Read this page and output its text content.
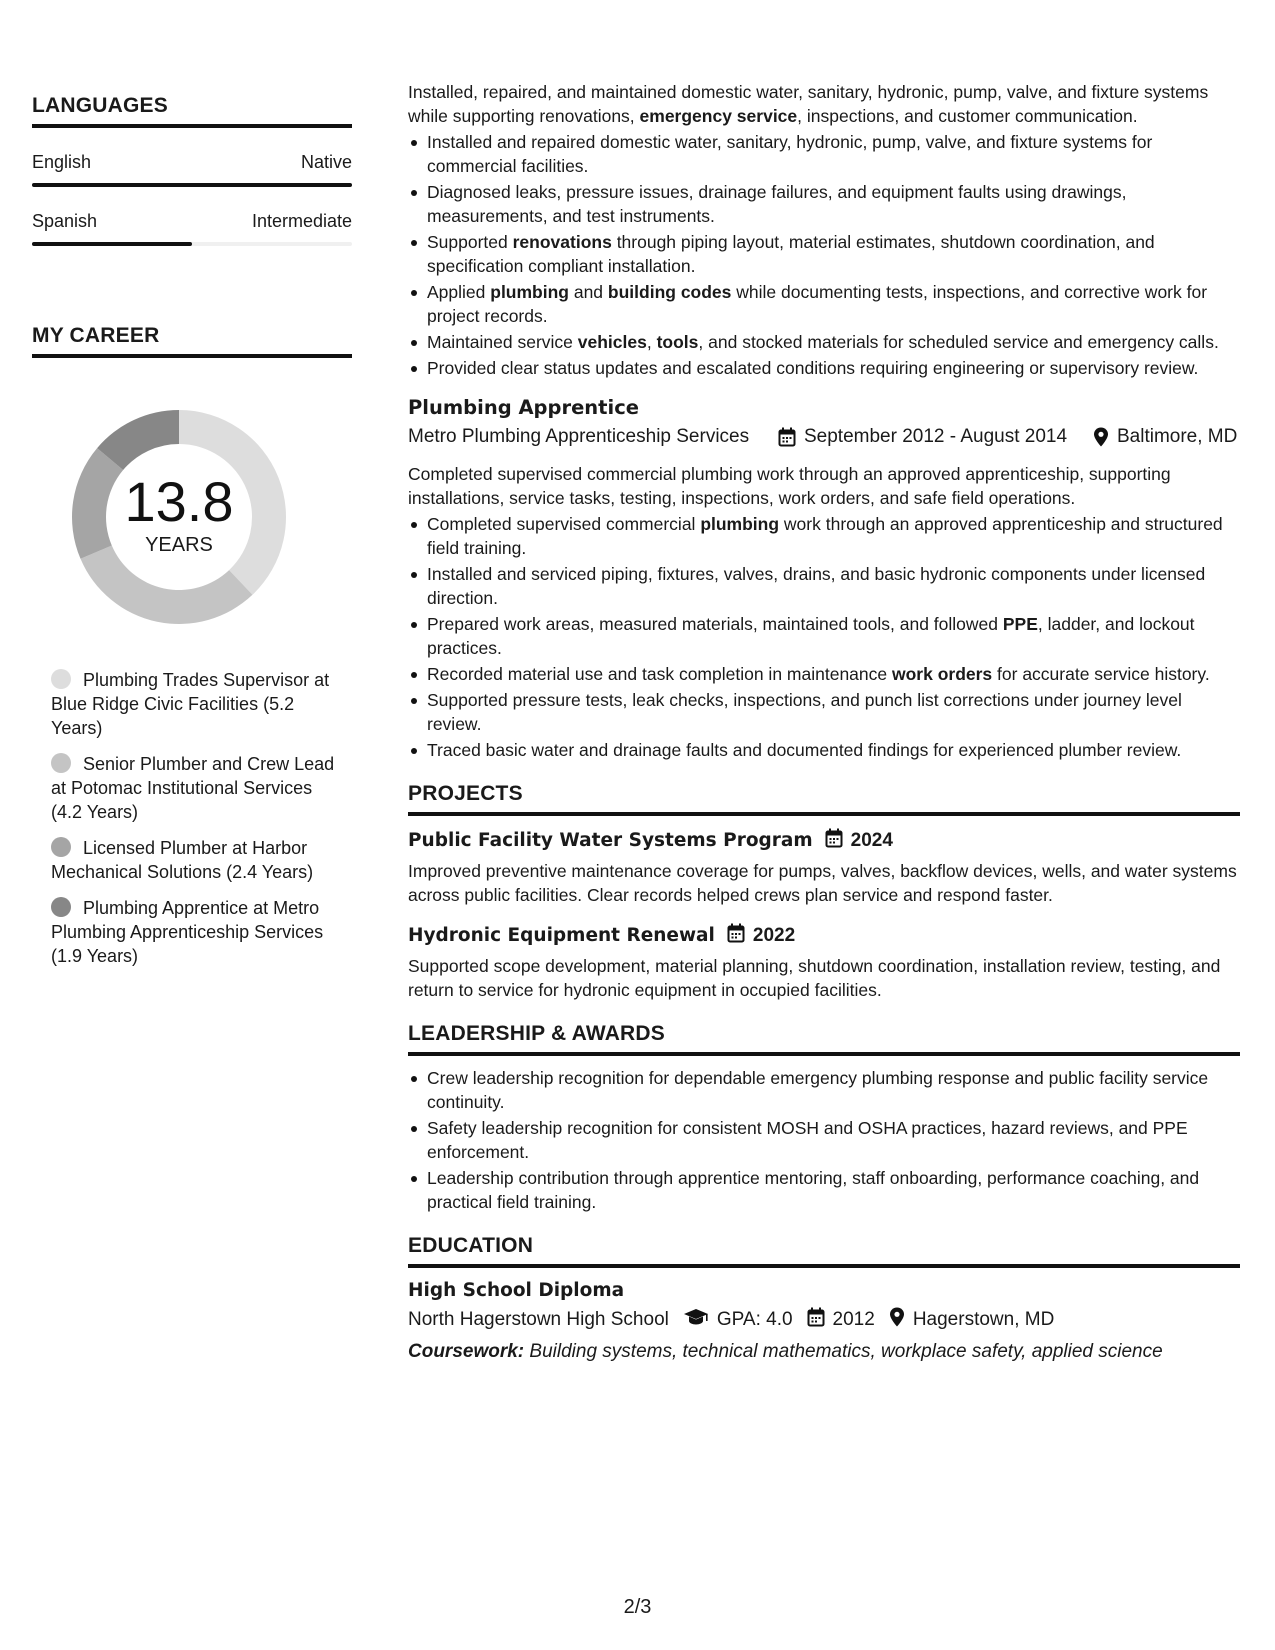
LANGUAGES
English	Native
Spanish	Intermediate
MY CAREER
13.8
YEARS
Plumbing Trades Supervisor at Blue Ridge Civic Facilities (5.2 Years)
Senior Plumber and Crew Lead at Potomac Institutional Services (4.2 Years)
Licensed Plumber at Harbor Mechanical Solutions (2.4 Years)
Plumbing Apprentice at Metro Plumbing Apprenticeship Services (1.9 Years)
Installed, repaired, and maintained domestic water, sanitary, hydronic, pump, valve, and fixture systems while supporting renovations, emergency service, inspections, and customer communication.
Installed and repaired domestic water, sanitary, hydronic, pump, valve, and fixture systems for commercial facilities.
Diagnosed leaks, pressure issues, drainage failures, and equipment faults using drawings, measurements, and test instruments.
Supported renovations through piping layout, material estimates, shutdown coordination, and specification compliant installation.
Applied plumbing and building codes while documenting tests, inspections, and corrective work for project records.
Maintained service vehicles, tools, and stocked materials for scheduled service and emergency calls.
Provided clear status updates and escalated conditions requiring engineering or supervisory review.
Plumbing Apprentice
Metro Plumbing Apprenticeship Services	September 2012 - August 2014	Baltimore, MD
Completed supervised commercial plumbing work through an approved apprenticeship, supporting installations, service tasks, testing, inspections, work orders, and safe field operations.
Completed supervised commercial plumbing work through an approved apprenticeship and structured field training.
Installed and serviced piping, fixtures, valves, drains, and basic hydronic components under licensed direction.
Prepared work areas, measured materials, maintained tools, and followed PPE, ladder, and lockout practices.
Recorded material use and task completion in maintenance work orders for accurate service history.
Supported pressure tests, leak checks, inspections, and punch list corrections under journey level review.
Traced basic water and drainage faults and documented findings for experienced plumber review.
PROJECTS
Public Facility Water Systems Program 2024
Improved preventive maintenance coverage for pumps, valves, backflow devices, wells, and water systems across public facilities. Clear records helped crews plan service and respond faster.
Hydronic Equipment Renewal 2022
Supported scope development, material planning, shutdown coordination, installation review, testing, and return to service for hydronic equipment in occupied facilities.
LEADERSHIP & AWARDS
Crew leadership recognition for dependable emergency plumbing response and public facility service continuity.
Safety leadership recognition for consistent MOSH and OSHA practices, hazard reviews, and PPE enforcement.
Leadership contribution through apprentice mentoring, staff onboarding, performance coaching, and practical field training.
EDUCATION
High School Diploma
North Hagerstown High School	GPA: 4.0 2012 Hagerstown, MD
Coursework: Building systems, technical mathematics, workplace safety, applied science
2/3
